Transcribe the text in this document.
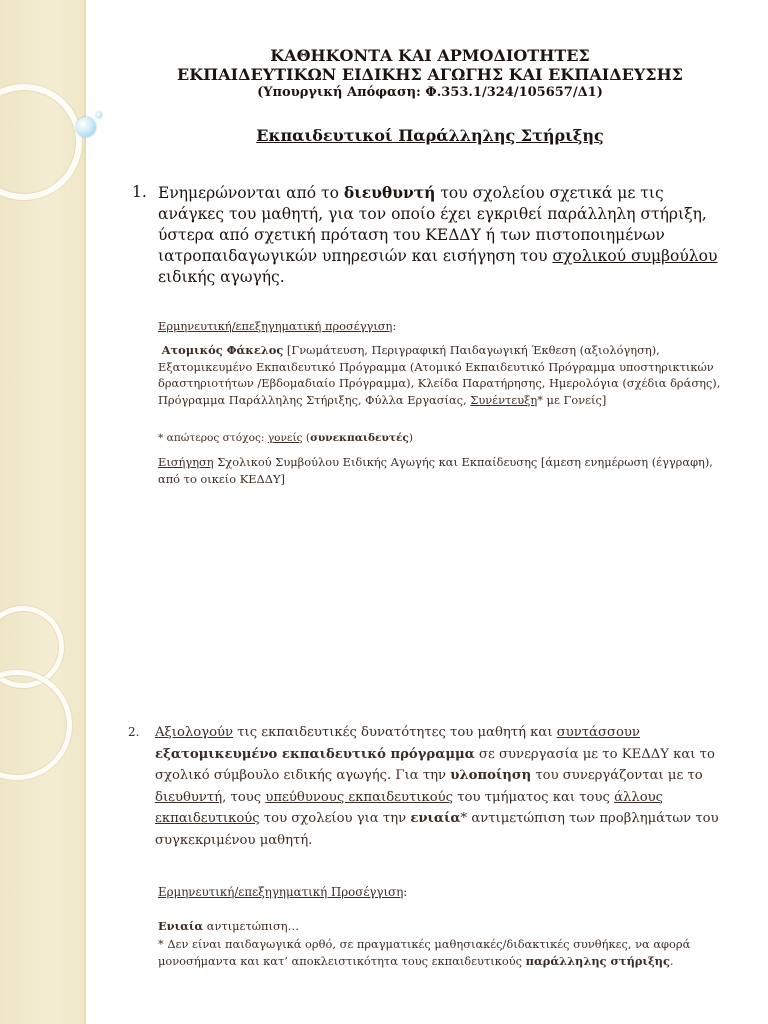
ΚΑΘΗΚΟΝΤΑ ΚΑΙ ΑΡΜΟΔΙΟΤΗΤΕΣ
ΕΚΠΑΙΔΕΥΤΙΚΩΝ ΕΙΔΙΚΗΣ ΑΓΩΓΗΣ ΚΑΙ ΕΚΠΑΙΔΕΥΣΗΣ
(Υπουργική Απόφαση: Φ.353.1/324/105657/Δ1)
Εκπαιδευτικοί Παράλληλης Στήριξης
1. Ενημερώνονται από το διευθυντή του σχολείου σχετικά με τις ανάγκες του μαθητή, για τον οποίο έχει εγκριθεί παράλληλη στήριξη, ύστερα από σχετική πρόταση του ΚΕΔΔΥ ή των πιστοποιημένων ιατροπαιδαγωγικών υπηρεσιών και εισήγηση του σχολικού συμβούλου ειδικής αγωγής.
Ερμηνευτική/επεξηγηματική προσέγγιση:
Ατομικός Φάκελος [Γνωμάτευση, Περιγραφική Παιδαγωγική Έκθεση (αξιολόγηση), Εξατομικευμένο Εκπαιδευτικό Πρόγραμμα (Ατομικό Εκπαιδευτικό Πρόγραμμα υποστηρικτικών δραστηριοτήτων /Εβδομαδιαίο Πρόγραμμα), Κλείδα Παρατήρησης, Ημερολόγια (σχέδια δράσης), Πρόγραμμα Παράλληλης Στήριξης, Φύλλα Εργασίας, Συνέντευξη* με Γονείς]
* απώτερος στόχος: γονείς (συνεκπαιδευτές)
Εισήγηση Σχολικού Συμβούλου Ειδικής Αγωγής και Εκπαίδευσης [άμεση ενημέρωση (έγγραφη), από το οικείο ΚΕΔΔΥ]
2. Αξιολογούν τις εκπαιδευτικές δυνατότητες του μαθητή και συντάσσουν εξατομικευμένο εκπαιδευτικό πρόγραμμα σε συνεργασία με το ΚΕΔΔΥ και το σχολικό σύμβουλο ειδικής αγωγής. Για την υλοποίηση του συνεργάζονται με το διευθυντή, τους υπεύθυνους εκπαιδευτικούς του τμήματος και τους άλλους εκπαιδευτικούς του σχολείου για την ενιαία* αντιμετώπιση των προβλημάτων του συγκεκριμένου μαθητή.
Ερμηνευτική/επεξηγηματική Προσέγγιση:
Ενιαία αντιμετώπιση…
* Δεν είναι παιδαγωγικά ορθό, σε πραγματικές μαθησιακές/διδακτικές συνθήκες, να αφορά μονοσήμαντα και κατ’ αποκλειστικότητα τους εκπαιδευτικούς παράλληλης στήριξης.
